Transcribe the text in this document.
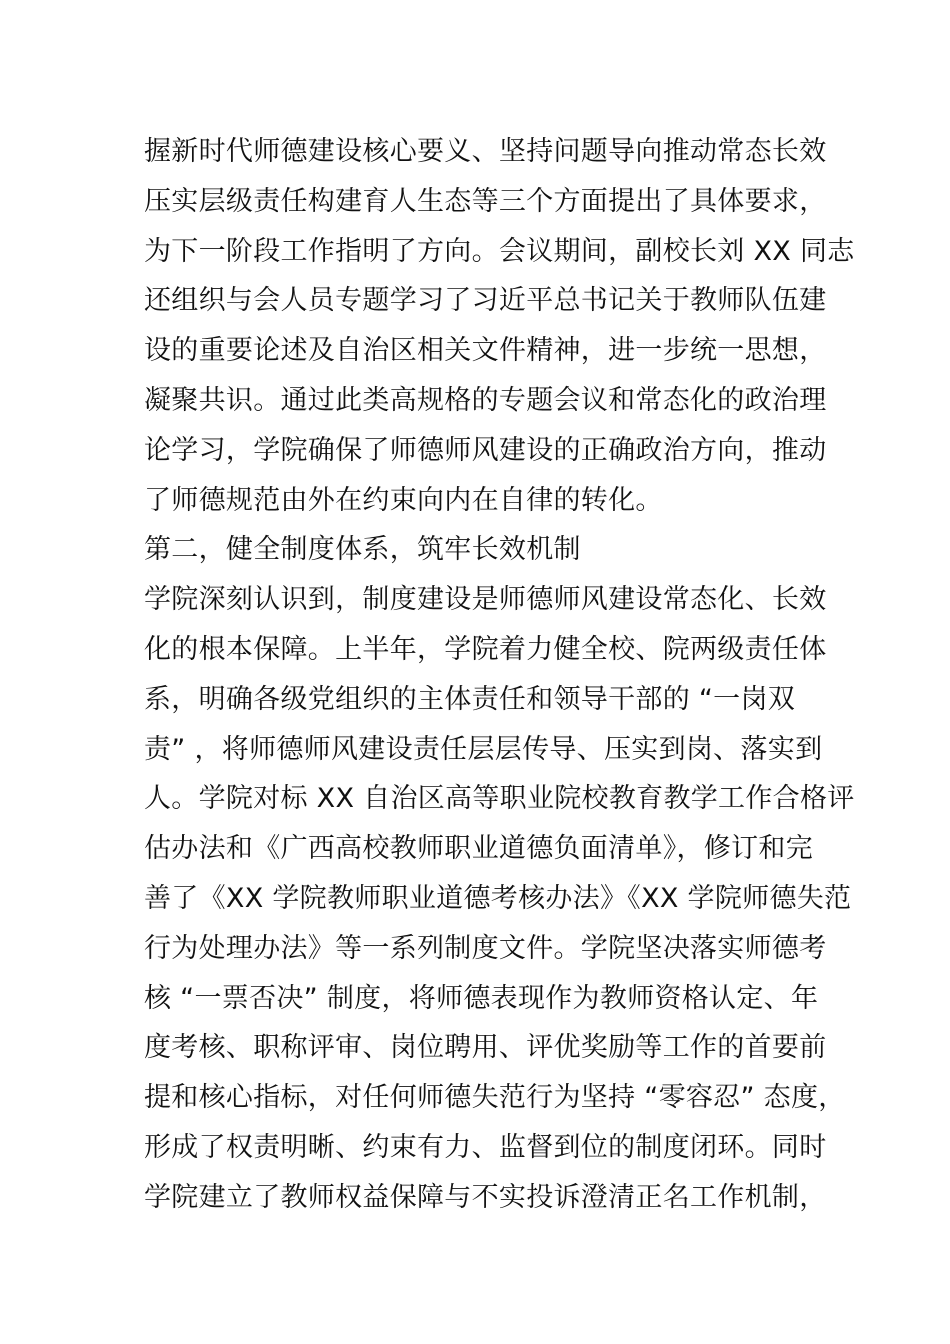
握新时代师德建设核心要义、坚持问题导向推动常态长效
压实层级责任构建育人生态等三个方面提出了具体要求，
为下一阶段工作指明了方向。会议期间，副校长刘 XX 同志
还组织与会人员专题学习了习近平总书记关于教师队伍建
设的重要论述及自治区相关文件精神，进一步统一思想，
凝聚共识。通过此类高规格的专题会议和常态化的政治理
论学习，学院确保了师德师风建设的正确政治方向，推动
了师德规范由外在约束向内在自律的转化。
第二，健全制度体系，筑牢长效机制
学院深刻认识到，制度建设是师德师风建设常态化、长效
化的根本保障。上半年，学院着力健全校、院两级责任体
系，明确各级党组织的主体责任和领导干部的 “一岗双
责” ，将师德师风建设责任层层传导、压实到岗、落实到
人。学院对标 XX 自治区高等职业院校教育教学工作合格评
估办法和《广西高校教师职业道德负面清单》，修订和完
善了《XX 学院教师职业道德考核办法》《XX 学院师德失范
行为处理办法》等一系列制度文件。学院坚决落实师德考
核 “一票否决” 制度，将师德表现作为教师资格认定、年
度考核、职称评审、岗位聘用、评优奖励等工作的首要前
提和核心指标，对任何师德失范行为坚持 “零容忍” 态度，
形成了权责明晰、约束有力、监督到位的制度闭环。同时
学院建立了教师权益保障与不实投诉澄清正名工作机制，
